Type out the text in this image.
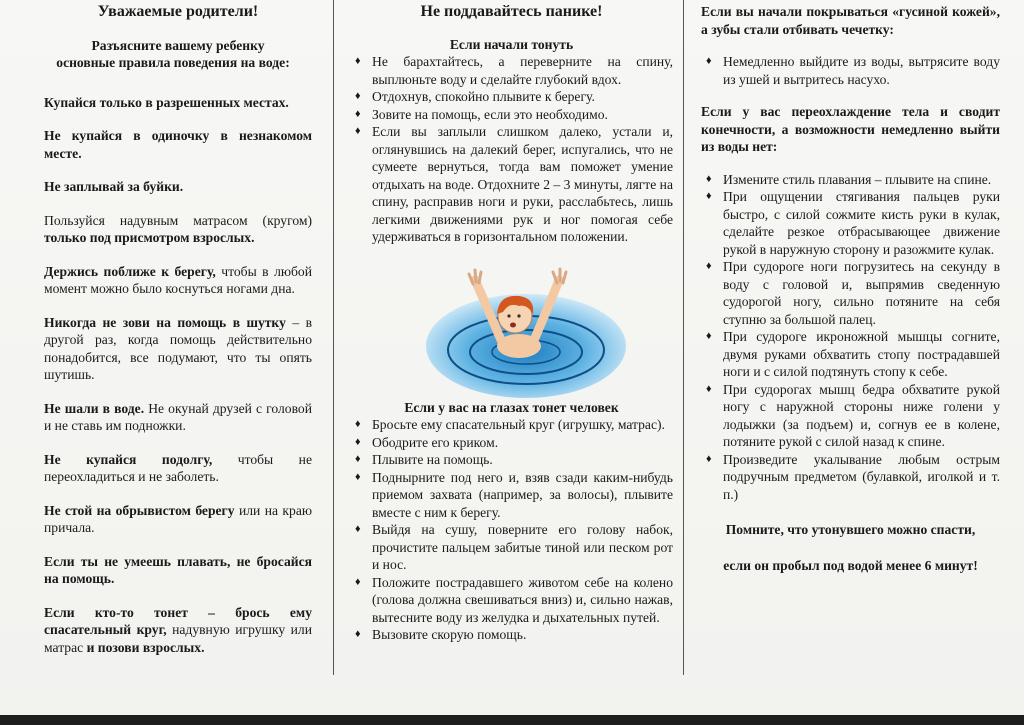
Уважаемые родители!

Разъясните вашему ребенку

основные правила поведения на воде:

Купайся только в разрешенных местах.

Не купайся в одиночку в незнакомом месте.

Не заплывай за буйки.

Пользуйся надувным матрасом (кругом) только под присмотром взрослых.

Держись поближе к берегу, чтобы в любой момент можно было коснуться ногами дна.

Никогда не зови на помощь в шутку – в другой раз, когда помощь действительно понадобится, все подумают, что ты опять шутишь.

Не шали в воде. Не окунай друзей с головой и не ставь им подножки.

Не купайся подолгу, чтобы не переохладиться и не заболеть.

Не стой на обрывистом берегу или на краю причала.

Если ты не умеешь плавать, не бросайся на помощь.

Если кто-то тонет – брось ему спасательный круг, надувную игрушку или матрас и позови взрослых.

Не поддавайтесь панике!

Если начали тонуть

♦ Не барахтайтесь, а переверните на спину, выплюньте воду и сделайте глубокий вдох.
♦ Отдохнув, спокойно плывите к берегу.
♦ Зовите на помощь, если это необходимо.
♦ Если вы заплыли слишком далеко, устали и, оглянувшись на далекий берег, испугались, что не сумеете вернуться, тогда вам поможет умение отдыхать на воде. Отдохните 2 – 3 минуты, лягте на спину, расправив ноги и руки, расслабьтесь, лишь легкими движениями рук и ног помогая себе удерживаться в горизонтальном положении.

Если у вас на глазах тонет человек

♦ Бросьте ему спасательный круг (игрушку, матрас).
♦ Ободрите его криком.
♦ Плывите на помощь.
♦ Поднырните под него и, взяв сзади каким-нибудь приемом захвата (например, за волосы), плывите вместе с ним к берегу.
♦ Выйдя на сушу, поверните его голову набок, прочистите пальцем забитые тиной или песком рот и нос.
♦ Положите пострадавшего животом себе на колено (голова должна свешиваться вниз) и, сильно нажав, вытесните воду из желудка и дыхательных путей.
♦ Вызовите скорую помощь.

Если вы начали покрываться «гусиной кожей», а зубы стали отбивать чечетку:

♦ Немедленно выйдите из воды, вытрясите воду из ушей и вытритесь насухо.

Если у вас переохлаждение тела и сводит конечности, а возможности немедленно выйти из воды нет:

♦ Измените стиль плавания – плывите на спине.
♦ При ощущении стягивания пальцев руки быстро, с силой сожмите кисть руки в кулак, сделайте резкое отбрасывающее движение рукой в наружную сторону и разожмите кулак.
♦ При судороге ноги погрузитесь на секунду в воду с головой и, выпрямив сведенную судорогой ногу, сильно потяните на себя ступню за большой палец.
♦ При судороге икроножной мышцы согните, двумя руками обхватить стопу пострадавшей ноги и с силой подтянуть стопу к себе.
♦ При судорогах мышц бедра обхватите рукой ногу с наружной стороны ниже голени у лодыжки (за подъем) и, согнув ее в колене, потяните рукой с силой назад к спине.
♦ Произведите укалывание любым острым подручным предметом (булавкой, иголкой и т. п.)

Помните, что утонувшего можно спасти,

если он пробыл под водой менее 6 минут!
